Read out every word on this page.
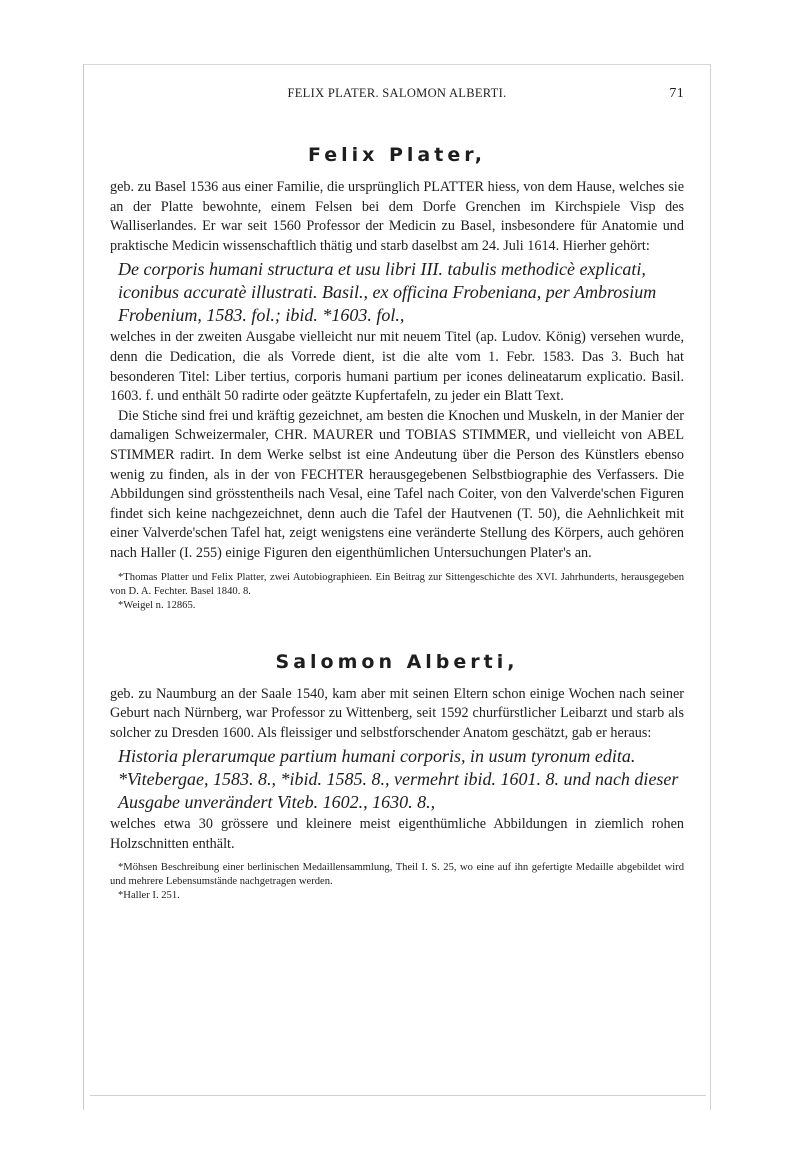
FELIX PLATER. SALOMON ALBERTI.	71
Felix Plater,

geb. zu Basel 1536 aus einer Familie, die ursprünglich PLATTER hiess, von dem Hause, welches sie an der Platte bewohnte, einem Felsen bei dem Dorfe Grenchen im Kirchspiele Visp des Walliserlandes. Er war seit 1560 Professor der Medicin zu Basel, insbesondere für Anatomie und praktische Medicin wissenschaftlich thätig und starb daselbst am 24. Juli 1614. Hierher gehört:

De corporis humani structura et usu libri III. tabulis methodicè explicati, iconibus accuratè illustrati. Basil., ex officina Frobeniana, per Ambrosium Frobenium, 1583. fol.; ibid. *1603. fol.,

welches in der zweiten Ausgabe vielleicht nur mit neuem Titel (ap. Ludov. König) versehen wurde, denn die Dedication, die als Vorrede dient, ist die alte vom 1. Febr. 1583. Das 3. Buch hat besonderen Titel: Liber tertius, corporis humani partium per icones delineatarum explicatio. Basil. 1603. f. und enthält 50 radirte oder geätzte Kupfertafeln, zu jeder ein Blatt Text.

Die Stiche sind frei und kräftig gezeichnet, am besten die Knochen und Muskeln, in der Manier der damaligen Schweizermaler, CHR. MAURER und TOBIAS STIMMER, und vielleicht von ABEL STIMMER radirt. In dem Werke selbst ist eine Andeutung über die Person des Künstlers ebenso wenig zu finden, als in der von FECHTER herausgegebenen Selbstbiographie des Verfassers. Die Abbildungen sind grösstentheils nach Vesal, eine Tafel nach Coiter, von den Valverde'schen Figuren findet sich keine nachgezeichnet, denn auch die Tafel der Hautvenen (T. 50), die Aehnlichkeit mit einer Valverde'schen Tafel hat, zeigt wenigstens eine veränderte Stellung des Körpers, auch gehören nach Haller (I. 255) einige Figuren den eigenthümlichen Untersuchungen Plater's an.

*Thomas Platter und Felix Platter, zwei Autobiographieen. Ein Beitrag zur Sittengeschichte des XVI. Jahrhunderts, herausgegeben von D. A. Fechter. Basel 1840. 8.

*Weigel n. 12865.

Salomon Alberti,

geb. zu Naumburg an der Saale 1540, kam aber mit seinen Eltern schon einige Wochen nach seiner Geburt nach Nürnberg, war Professor zu Wittenberg, seit 1592 churfürstlicher Leibarzt und starb als solcher zu Dresden 1600. Als fleissiger und selbstforschender Anatom geschätzt, gab er heraus:

Historia plerarumque partium humani corporis, in usum tyronum edita. *Vitebergae, 1583. 8., *ibid. 1585. 8., vermehrt ibid. 1601. 8. und nach dieser Ausgabe unverändert Viteb. 1602., 1630. 8.,

welches etwa 30 grössere und kleinere meist eigenthümliche Abbildungen in ziemlich rohen Holzschnitten enthält.

*Möhsen Beschreibung einer berlinischen Medaillensammlung, Theil I. S. 25, wo eine auf ihn gefertigte Medaille abgebildet wird und mehrere Lebensumstände nachgetragen werden.

*Haller I. 251.
